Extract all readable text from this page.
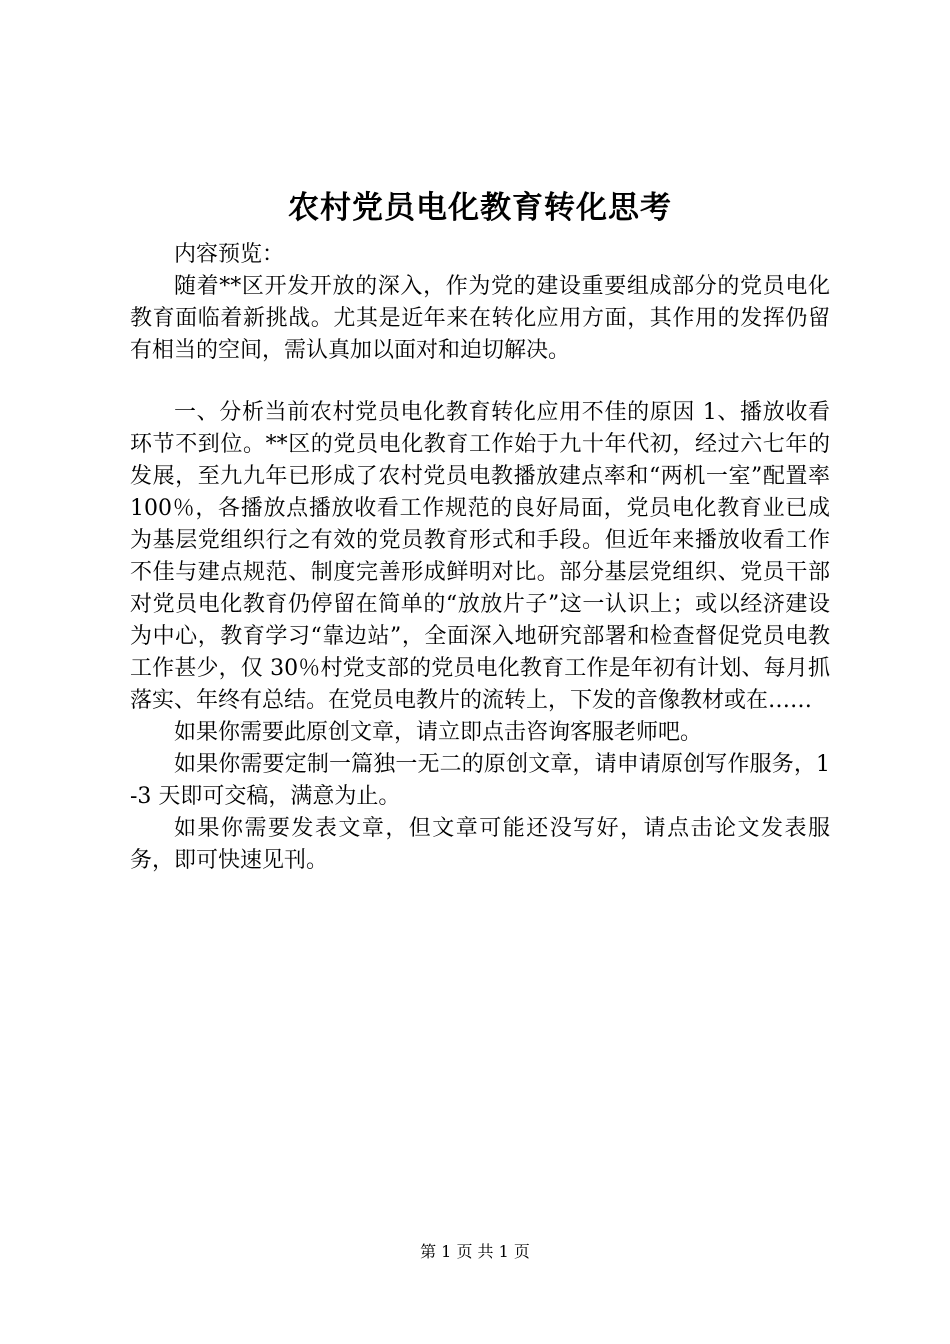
农村党员电化教育转化思考

内容预览：

随着**区开发开放的深入，作为党的建设重要组成部分的党员电化教育面临着新挑战。尤其是近年来在转化应用方面，其作用的发挥仍留有相当的空间，需认真加以面对和迫切解决。

一、分析当前农村党员电化教育转化应用不佳的原因 1、播放收看环节不到位。**区的党员电化教育工作始于九十年代初，经过六七年的发展，至九九年已形成了农村党员电教播放建点率和“两机一室”配置率 100％，各播放点播放收看工作规范的良好局面，党员电化教育业已成为基层党组织行之有效的党员教育形式和手段。但近年来播放收看工作不佳与建点规范、制度完善形成鲜明对比。部分基层党组织、党员干部对党员电化教育仍停留在简单的“放放片子”这一认识上；或以经济建设为中心，教育学习“靠边站”，全面深入地研究部署和检查督促党员电教工作甚少，仅 30％村党支部的党员电化教育工作是年初有计划、每月抓落实、年终有总结。在党员电教片的流转上，下发的音像教材或在……

如果你需要此原创文章，请立即点击咨询客服老师吧。

如果你需要定制一篇独一无二的原创文章，请申请原创写作服务，1-3 天即可交稿，满意为止。

如果你需要发表文章，但文章可能还没写好，请点击论文发表服务，即可快速见刊。

第 1 页 共 1 页
